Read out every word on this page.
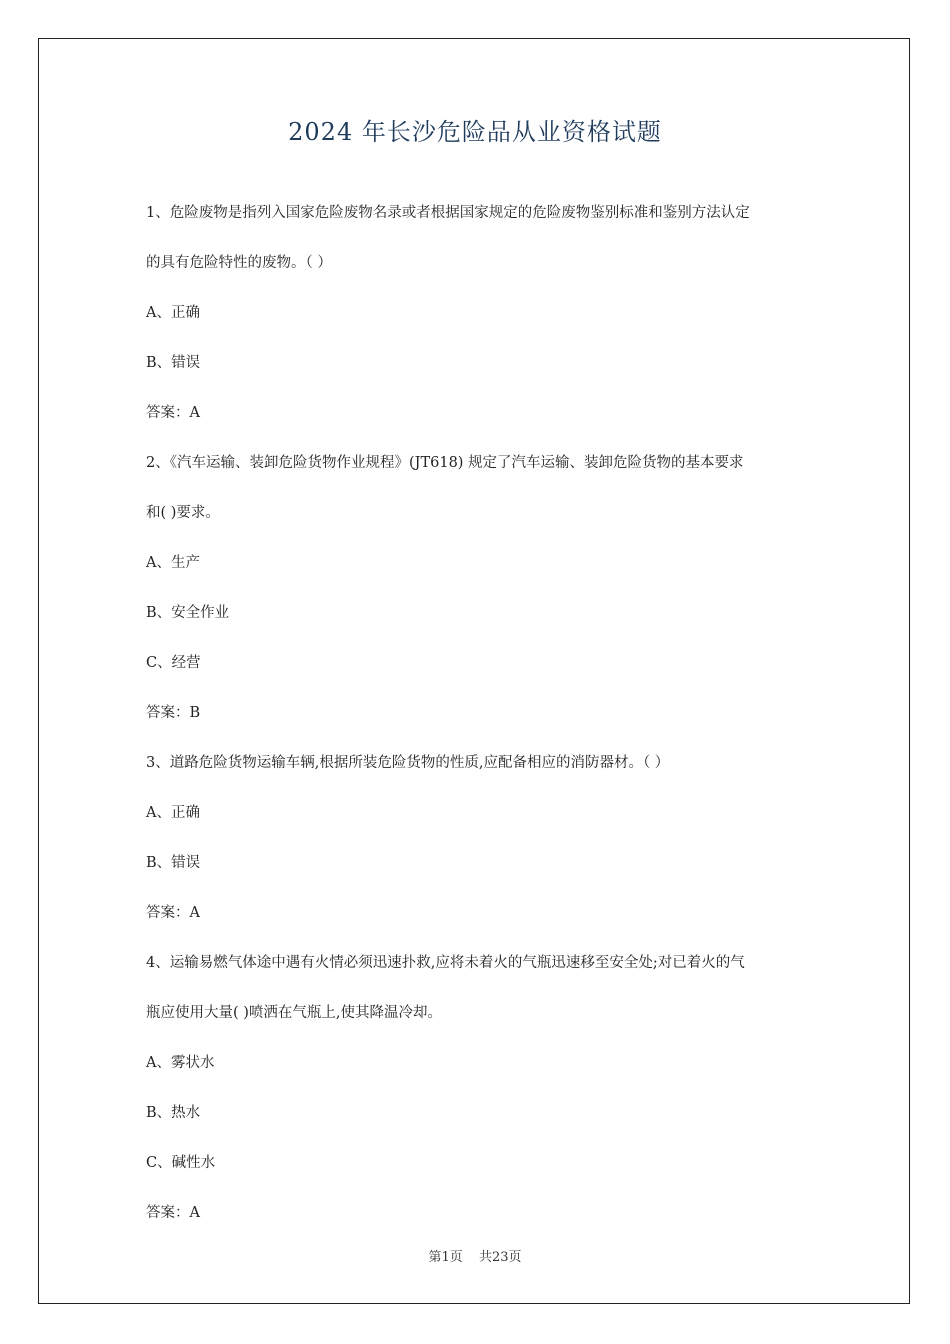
2024 年长沙危险品从业资格试题
1、危险废物是指列入国家危险废物名录或者根据国家规定的危险废物鉴别标准和鉴别方法认定
的具有危险特性的废物。（ ）
A、正确
B、错误
答案：A
2、《汽车运输、装卸危险货物作业规程》(JT618) 规定了汽车运输、装卸危险货物的基本要求
和( )要求。
A、生产
B、安全作业
C、经营
答案：B
3、道路危险货物运输车辆,根据所装危险货物的性质,应配备相应的消防器材。（ ）
A、正确
B、错误
答案：A
4、运输易燃气体途中遇有火情必须迅速扑救,应将未着火的气瓶迅速移至安全处;对已着火的气
瓶应使用大量( )喷洒在气瓶上,使其降温冷却。
A、雾状水
B、热水
C、碱性水
答案：A
第1页 共23页
